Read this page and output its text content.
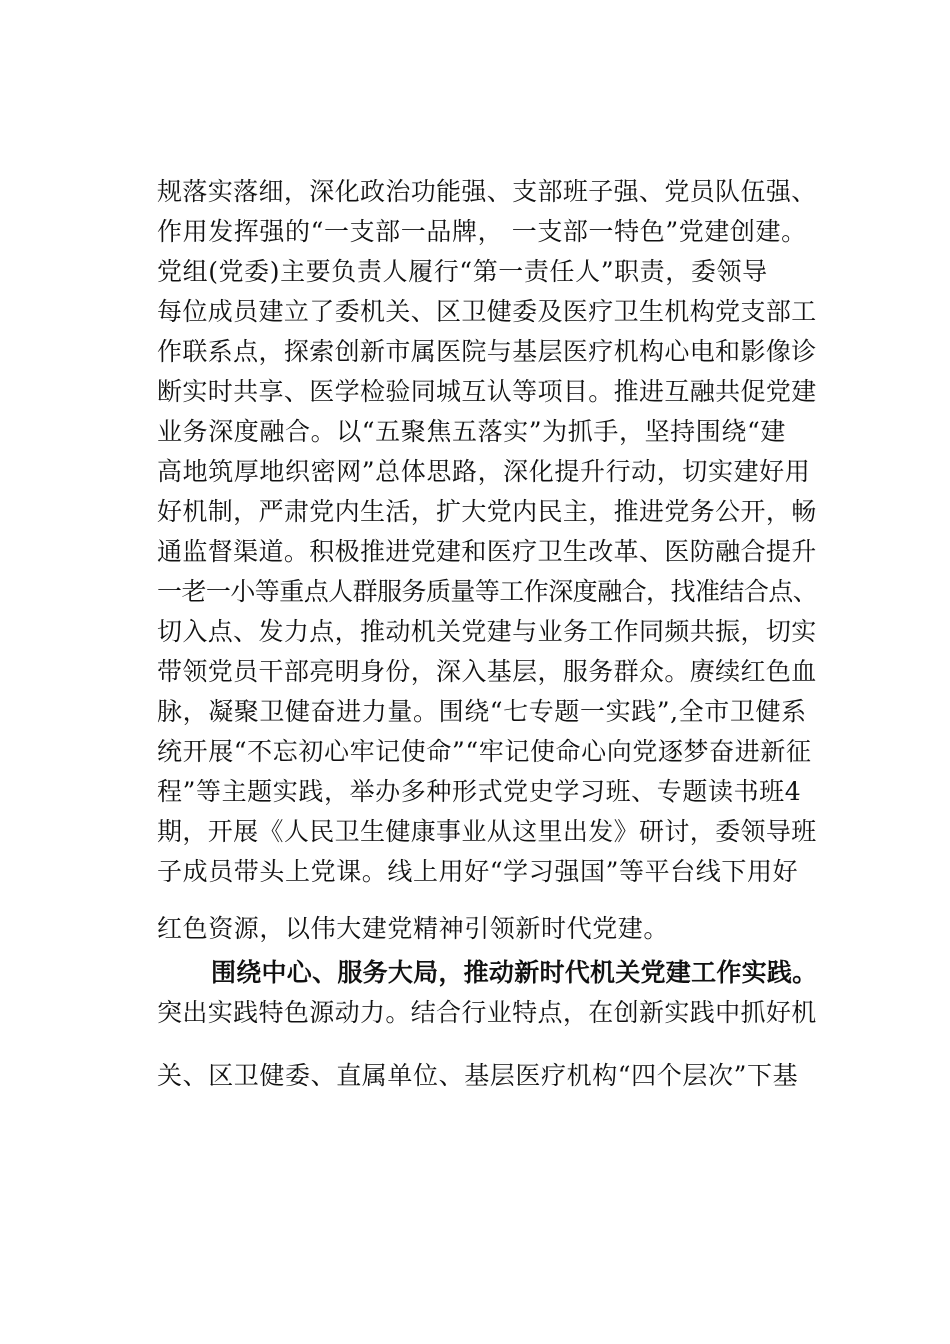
规落实落细，深化政治功能强、支部班子强、党员队伍强、
作用发挥强的“一支部一品牌， 一支部一特色”党建创建。
党组(党委)主要负责人履行“第一责任人”职责，委领导
每位成员建立了委机关、区卫健委及医疗卫生机构党支部工
作联系点，探索创新市属医院与基层医疗机构心电和影像诊
断实时共享、医学检验同城互认等项目。推进互融共促党建
业务深度融合。以“五聚焦五落实”为抓手，坚持围绕“建
高地筑厚地织密网”总体思路，深化提升行动，切实建好用
好机制，严肃党内生活，扩大党内民主，推进党务公开，畅
通监督渠道。积极推进党建和医疗卫生改革、医防融合提升
一老一小等重点人群服务质量等工作深度融合，找准结合点、
切入点、发力点，推动机关党建与业务工作同频共振，切实
带领党员干部亮明身份，深入基层，服务群众。赓续红色血
脉，凝聚卫健奋进力量。围绕“七专题一实践”,全市卫健系
统开展“不忘初心牢记使命”“牢记使命心向党逐梦奋进新征
程”等主题实践，举办多种形式党史学习班、专题读书班4
期，开展《人民卫生健康事业从这里出发》研讨，委领导班
子成员带头上党课。线上用好“学习强国”等平台线下用好
红色资源，以伟大建党精神引领新时代党建。
围绕中心、服务大局，推动新时代机关党建工作实践。
突出实践特色源动力。结合行业特点，在创新实践中抓好机
关、区卫健委、直属单位、基层医疗机构“四个层次”下基
